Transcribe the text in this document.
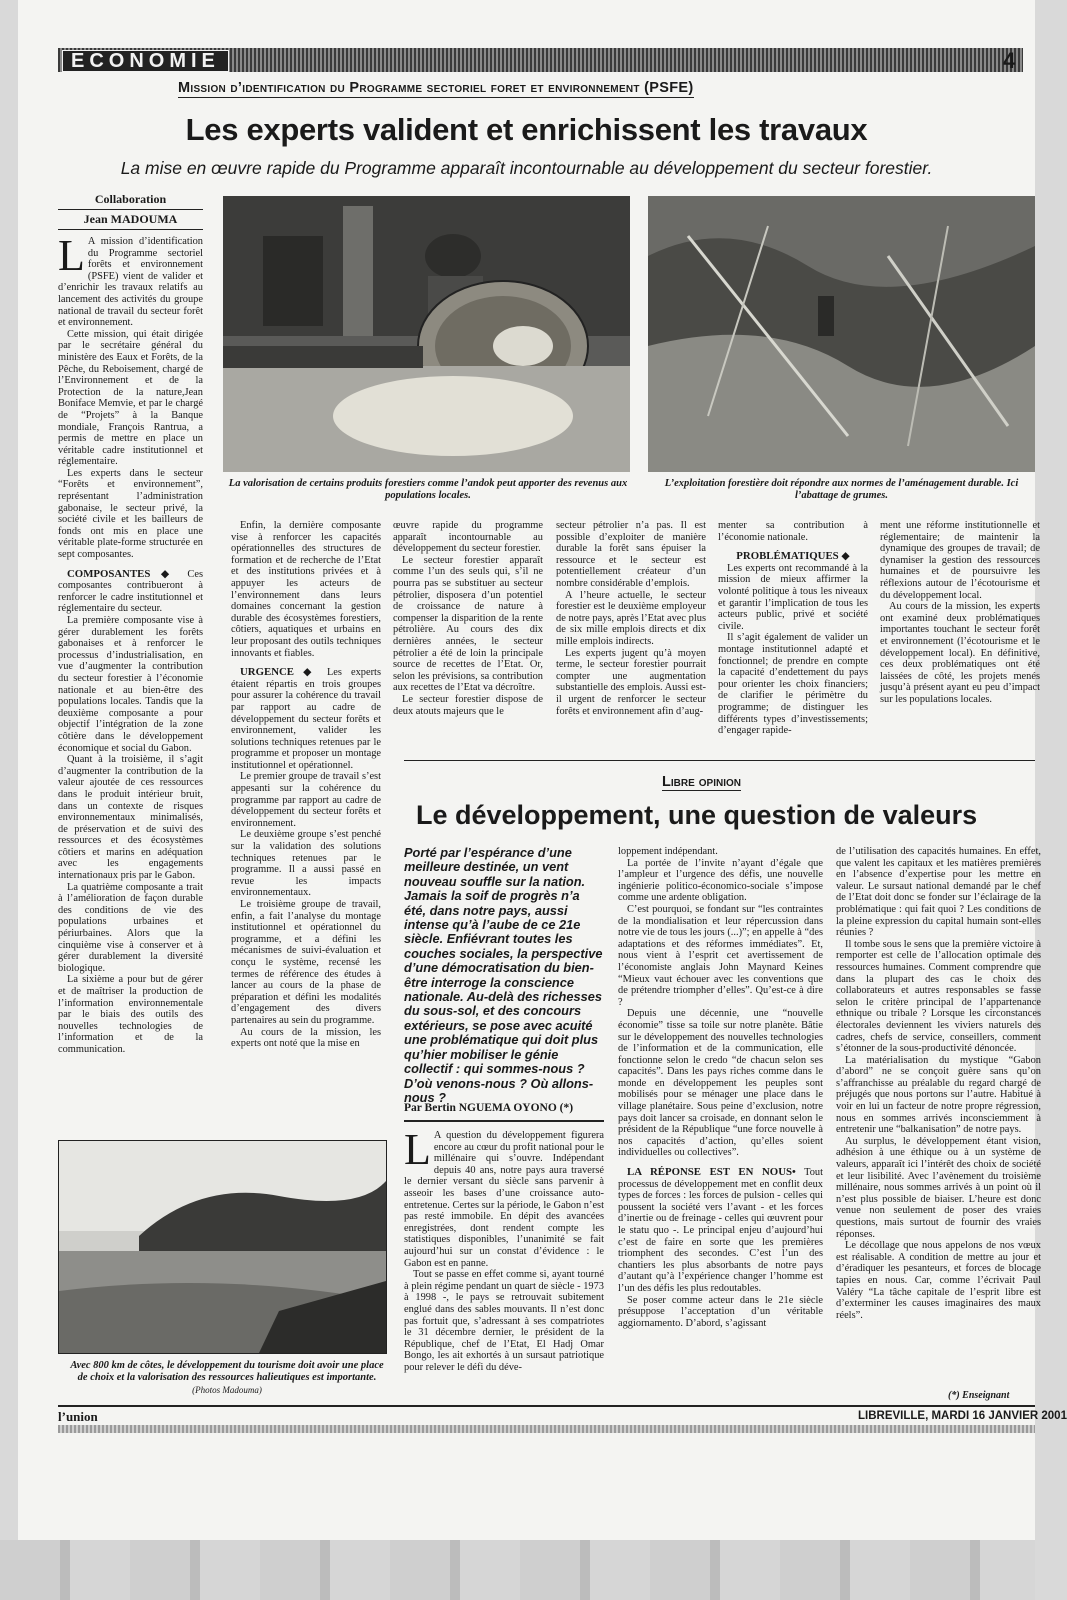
ECONOMIE	4
Mission d’identification du Programme sectoriel foret et environnement (PSFE)
Les experts valident et enrichissent les travaux
La mise en œuvre rapide du Programme apparaît incontournable au développement du secteur forestier.
Collaboration
Jean MADOUMA
L A mission d’identification du Programme sectoriel forêts et environnement (PSFE) vient de valider et d’enrichir les travaux relatifs au lancement des activités du groupe national de travail du secteur forêt et environnement.

Cette mission, qui était dirigée par le secrétaire général du ministère des Eaux et Forêts, de la Pêche, du Reboisement, chargé de l’Environnement et de la Protection de la nature,Jean Boniface Memvie, et par le chargé de “Projets” à la Banque mondiale, François Rantrua, a permis de mettre en place un véritable cadre institutionnel et réglementaire.

Les experts dans le secteur “Forêts et environnement”, représentant l’administration gabonaise, le secteur privé, la société civile et les bailleurs de fonds ont mis en place une véritable plate-forme structurée en sept composantes.

COMPOSANTES ◆ Ces composantes contribueront à renforcer le cadre institutionnel et réglementaire du secteur.

La première composante vise à gérer durablement les forêts gabonaises et à renforcer le processus d’industrialisation, en vue d’augmenter la contribution du secteur forestier à l’économie nationale et au bien-être des populations locales. Tandis que la deuxième composante a pour objectif l’intégration de la zone côtière dans le développement économique et social du Gabon.

Quant à la troisième, il s’agit d’augmenter la contribution de la valeur ajoutée de ces ressources dans le produit intérieur bruit, dans un contexte de risques environnementaux minimalisés, de préservation et de suivi des ressources et des écosystèmes côtiers et marins en adéquation avec les engagements internationaux pris par le Gabon.

La quatrième composante a trait à l’amélioration de façon durable des conditions de vie des populations urbaines et périurbaines. Alors que la cinquième vise à conserver et à gérer durablement la diversité biologique.

La sixième a pour but de gérer et de maîtriser la production de l’information environnementale par le biais des outils des nouvelles technologies de l’information et de la communication.

La valorisation de certains produits forestiers comme l’andok peut apporter des revenus aux populations locales.
L’exploitation forestière doit répondre aux normes de l’aménagement durable. Ici l’abattage de grumes.

Enfin, la dernière composante vise à renforcer les capacités opérationnelles des structures de formation et de recherche de l’Etat et des institutions privées et à appuyer les acteurs de l’environnement dans leurs domaines concernant la gestion durable des écosystèmes forestiers, côtiers, aquatiques et urbains en leur proposant des outils techniques innovants et fiables.

URGENCE ◆ Les experts étaient répartis en trois groupes pour assurer la cohérence du travail par rapport au cadre de développement du secteur forêts et environnement, valider les solutions techniques retenues par le programme et proposer un montage institutionnel et opérationnel.

Le premier groupe de travail s’est appesanti sur la cohérence du programme par rapport au cadre de développement du secteur forêts et environnement.

Le deuxième groupe s’est penché sur la validation des solutions techniques retenues par le programme. Il a aussi passé en revue les impacts environnementaux.

Le troisième groupe de travail, enfin, a fait l’analyse du montage institutionnel et opérationnel du programme, et a défini les mécanismes de suivi-évaluation et conçu le système, recensé les termes de référence des études à lancer au cours de la phase de préparation et défini les modalités d’engagement des divers partenaires au sein du programme.

Au cours de la mission, les experts ont noté que la mise en

œuvre rapide du programme apparaît incontournable au développement du secteur forestier.

Le secteur forestier apparaît comme l’un des seuls qui, s’il ne pourra pas se substituer au secteur pétrolier, disposera d’un potentiel de croissance de nature à compenser la disparition de la rente pétrolière. Au cours des dix dernières années, le secteur pétrolier a été de loin la principale source de recettes de l’Etat. Or, selon les prévisions, sa contribution aux recettes de l’Etat va décroître.

Le secteur forestier dispose de deux atouts majeurs que le

secteur pétrolier n’a pas. Il est possible d’exploiter de manière durable la forêt sans épuiser la ressource et le secteur est potentiellement créateur d’un nombre considérable d’emplois.

A l’heure actuelle, le secteur forestier est le deuxième employeur de notre pays, après l’Etat avec plus de six mille emplois directs et dix mille emplois indirects.

Les experts jugent qu’à moyen terme, le secteur forestier pourrait compter une augmentation substantielle des emplois. Aussi est-il urgent de renforcer le secteur forêts et environnement afin d’aug-

menter sa contribution à l’économie nationale.

PROBLÉMATIQUES ◆

Les experts ont recommandé à la mission de mieux affirmer la volonté politique à tous les niveaux et garantir l’implication de tous les acteurs public, privé et société civile.

Il s’agit également de valider un montage institutionnel adapté et fonctionnel; de prendre en compte la capacité d’endettement du pays pour orienter les choix financiers; de clarifier le périmètre du programme; de distinguer les différents types d’investissements; d’engager rapide-

ment une réforme institutionnelle et réglementaire; de maintenir la dynamique des groupes de travail; de dynamiser la gestion des ressources humaines et de poursuivre les réflexions autour de l’écotourisme et du développement local.

Au cours de la mission, les experts ont examiné deux problématiques importantes touchant le secteur forêt et environnement (l’écotourisme et le développement local). En définitive, ces deux problématiques ont été laissées de côté, les projets menés jusqu’à présent ayant eu peu d’impact sur les populations locales.

Avec 800 km de côtes, le développement du tourisme doit avoir une place de choix et la valorisation des ressources halieutiques est importante. (Photos Madouma)
Libre opinion
Le développement, une question de valeurs
Porté par l’espérance d’une meilleure destinée, un vent nouveau souffle sur la nation. Jamais la soif de progrès n’a été, dans notre pays, aussi intense qu’à l’aube de ce 21e siècle. Enfiévrant toutes les couches sociales, la perspective d’une démocratisation du bien-être interroge la conscience nationale. Au-delà des richesses du sous-sol, et des concours extérieurs, se pose avec acuité une problématique qui doit plus qu’hier mobiliser le génie collectif : qui sommes-nous ? D’où venons-nous ? Où allons-nous ?
Par Bertin NGUEMA OYONO (*)
L A question du développement figurera encore au cœur du profit national pour le millénaire qui s’ouvre. Indépendant depuis 40 ans, notre pays aura traversé le dernier versant du siècle sans parvenir à asseoir les bases d’une croissance auto-entretenue. Certes sur la période, le Gabon n’est pas resté immobile. En dépit des avancées enregistrées, dont rendent compte les statistiques disponibles, l’unanimité se fait aujourd’hui sur un constat d’évidence : le Gabon est en panne.

Tout se passe en effet comme si, ayant tourné à plein régime pendant un quart de siècle - 1973 à 1998 -, le pays se retrouvait subitement englué dans des sables mouvants. Il n’est donc pas fortuit que, s’adressant à ses compatriotes le 31 décembre dernier, le président de la République, chef de l’Etat, El Hadj Omar Bongo, les ait exhortés à un sursaut patriotique pour relever le défi du déve-

loppement indépendant.

La portée de l’invite n’ayant d’égale que l’ampleur et l’urgence des défis, une nouvelle ingénierie politico-économico-sociale s’impose comme une ardente obligation.

C’est pourquoi, se fondant sur “les contraintes de la mondialisation et leur répercussion dans notre vie de tous les jours (...)”; en appelle à “des adaptations et des réformes immédiates”. Et, nous vient à l’esprit cet avertissement de l’économiste anglais John Maynard Keines “Mieux vaut échouer avec les conventions que de prétendre triompher d’elles”. Qu’est-ce à dire ?

Depuis une décennie, une “nouvelle économie” tisse sa toile sur notre planète. Bâtie sur le développement des nouvelles technologies de l’information et de la communication, elle fonctionne selon le credo “de chacun selon ses capacités”. Dans les pays riches comme dans le monde en développement les peuples sont mobilisés pour se ménager une place dans le village planétaire. Sous peine d’exclusion, notre pays doit lancer sa croisade, en donnant selon le président de la République “une force nouvelle à nos capacités d’action, qu’elles soient individuelles ou collectives”.

LA RÉPONSE EST EN NOUS• Tout processus de développement met en conflit deux types de forces : les forces de pulsion - celles qui poussent la société vers l’avant - et les forces d’inertie ou de freinage - celles qui œuvrent pour le statu quo -. Le principal enjeu d’aujourd’hui c’est de faire en sorte que les premières triomphent des secondes. C’est l’un des chantiers les plus absorbants de notre pays d’autant qu’à l’expérience changer l’homme est l’un des défis les plus redoutables.

Se poser comme acteur dans le 21e siècle présuppose l’acceptation d’un véritable aggiornamento. D’abord, s’agissant

de l’utilisation des capacités humaines. En effet, que valent les capitaux et les matières premières en l’absence d’expertise pour les mettre en valeur. Le sursaut national demandé par le chef de l’Etat doit donc se fonder sur l’éclairage de la problématique : qui fait quoi ? Les conditions de la pleine expression du capital humain sont-elles réunies ?

Il tombe sous le sens que la première victoire à remporter est celle de l’allocation optimale des ressources humaines. Comment comprendre que dans la plupart des cas le choix des collaborateurs et autres responsables se fasse selon le critère principal de l’appartenance ethnique ou tribale ? Lorsque les circonstances électorales deviennent les viviers naturels des cadres, chefs de service, conseillers, comment s’étonner de la sous-productivité dénoncée.

La matérialisation du mystique “Gabon d’abord” ne se conçoit guère sans qu’on s’affranchisse au préalable du regard chargé de préjugés que nous portons sur l’autre. Habitué à voir en lui un facteur de notre propre régression, nous en sommes arrivés inconsciemment à entretenir une “balkanisation” de notre pays.

Au surplus, le développement étant vision, adhésion à une éthique ou à un système de valeurs, apparaît ici l’intérêt des choix de société et leur lisibilité. Avec l’avènement du troisième millénaire, nous sommes arrivés à un point où il n’est plus possible de biaiser. L’heure est donc venue non seulement de poser des vraies questions, mais surtout de fournir des vraies réponses.

Le décollage que nous appelons de nos vœux est réalisable. A condition de mettre au jour et d’éradiquer les pesanteurs, et forces de blocage tapies en nous. Car, comme l’écrivait Paul Valéry “La tâche capitale de l’esprit libre est d’exterminer les causes imaginaires des maux réels”.

(*) Enseignant
l’union	LIBREVILLE, MARDI 16 JANVIER 2001
